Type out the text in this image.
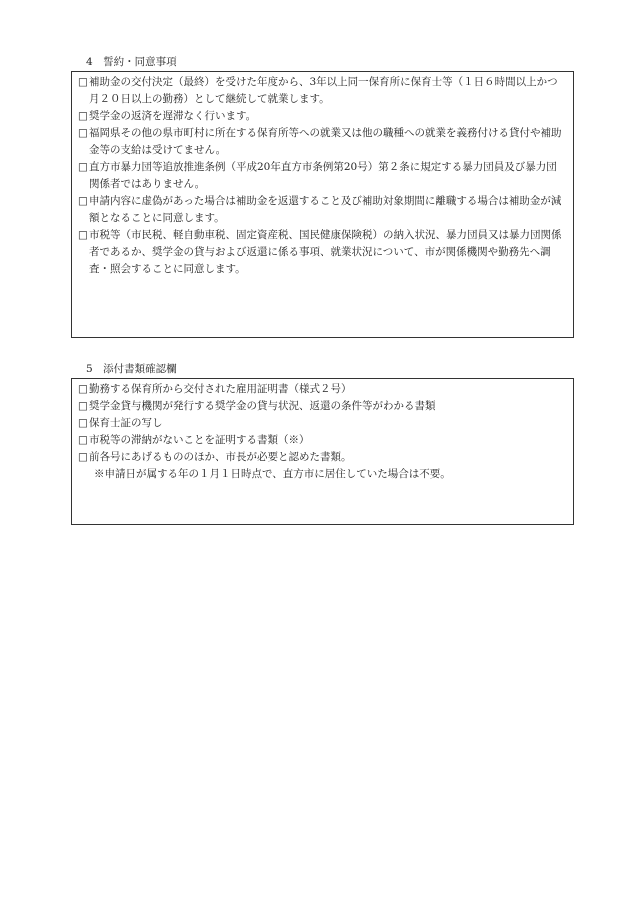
4　誓約・同意事項
□ 補助金の交付決定（最終）を受けた年度から、3年以上同一保育所に保育士等（１日６時間以上かつ月２０日以上の勤務）として継続して就業します。
□ 奨学金の返済を遅滞なく行います。
□ 福岡県その他の県市町村に所在する保育所等への就業又は他の職種への就業を義務付ける貸付や補助金等の支給は受けてません。
□ 直方市暴力団等追放推進条例（平成20年直方市条例第20号）第２条に規定する暴力団員及び暴力団関係者ではありません。
□ 申請内容に虚偽があった場合は補助金を返還すること及び補助対象期間に離職する場合は補助金が減額となることに同意します。
□ 市税等（市民税、軽自動車税、固定資産税、国民健康保険税）の納入状況、暴力団員又は暴力団関係者であるか、奨学金の貸与および返還に係る事項、就業状況について、市が関係機関や勤務先へ調査・照会することに同意します。
5　添付書類確認欄
□ 勤務する保育所から交付された雇用証明書（様式２号）
□ 奨学金貸与機関が発行する奨学金の貸与状況、返還の条件等がわかる書類
□ 保育士証の写し
□ 市税等の滞納がないことを証明する書類（※）
□ 前各号にあげるもののほか、市長が必要と認めた書類。
※申請日が属する年の１月１日時点で、直方市に居住していた場合は不要。
